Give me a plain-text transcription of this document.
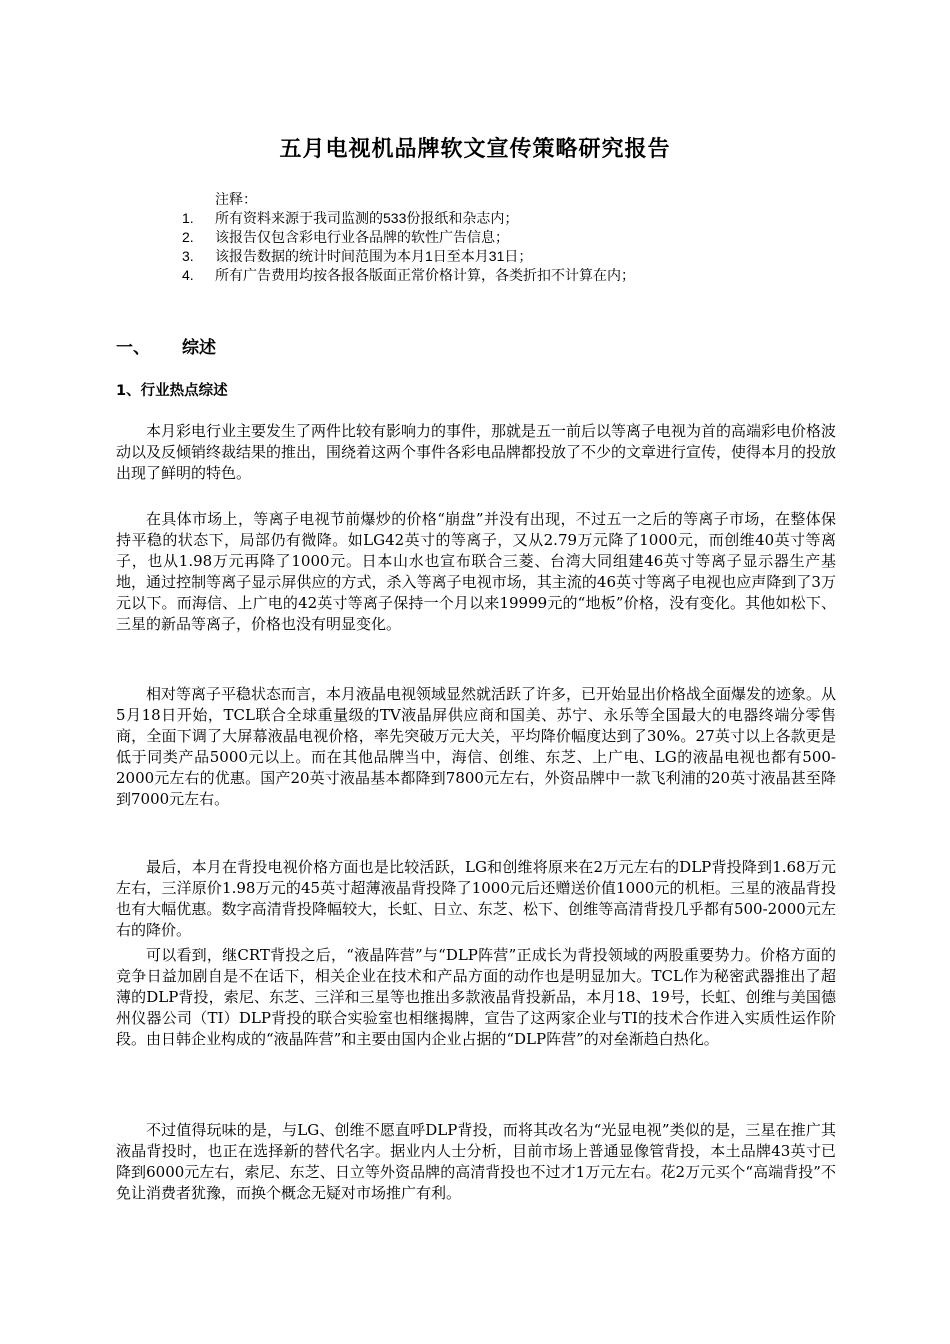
五月电视机品牌软文宣传策略研究报告
注释：
1. 所有资料来源于我司监测的533份报纸和杂志内；
2. 该报告仅包含彩电行业各品牌的软性广告信息；
3. 该报告数据的统计时间范围为本月1日至本月31日；
4. 所有广告费用均按各报各版面正常价格计算，各类折扣不计算在内；
一、 综述
1、行业热点综述

本月彩电行业主要发生了两件比较有影响力的事件，那就是五一前后以等离子电视为首的高端彩电价格波动以及反倾销终裁结果的推出，围绕着这两个事件各彩电品牌都投放了不少的文章进行宣传，使得本月的投放出现了鲜明的特色。

在具体市场上，等离子电视节前爆炒的价格“崩盘”并没有出现，不过五一之后的等离子市场，在整体保持平稳的状态下，局部仍有微降。如LG42英寸的等离子，又从2.79万元降了1000元，而创维40英寸等离子，也从1.98万元再降了1000元。日本山水也宣布联合三菱、台湾大同组建46英寸等离子显示器生产基地，通过控制等离子显示屏供应的方式，杀入等离子电视市场，其主流的46英寸等离子电视也应声降到了3万元以下。而海信、上广电的42英寸等离子保持一个月以来19999元的“地板”价格，没有变化。其他如松下、三星的新品等离子，价格也没有明显变化。

相对等离子平稳状态而言，本月液晶电视领域显然就活跃了许多，已开始显出价格战全面爆发的迹象。从5月18日开始，TCL联合全球重量级的TV液晶屏供应商和国美、苏宁、永乐等全国最大的电器终端分零售商，全面下调了大屏幕液晶电视价格，率先突破万元大关，平均降价幅度达到了30%。27英寸以上各款更是低于同类产品5000元以上。而在其他品牌当中，海信、创维、东芝、上广电、LG的液晶电视也都有500-2000元左右的优惠。国产20英寸液晶基本都降到7800元左右，外资品牌中一款飞利浦的20英寸液晶甚至降到7000元左右。

最后，本月在背投电视价格方面也是比较活跃，LG和创维将原来在2万元左右的DLP背投降到1.68万元左右，三洋原价1.98万元的45英寸超薄液晶背投降了1000元后还赠送价值1000元的机柜。三星的液晶背投也有大幅优惠。数字高清背投降幅较大，长虹、日立、东芝、松下、创维等高清背投几乎都有500-2000元左右的降价。

可以看到，继CRT背投之后，“液晶阵营”与“DLP阵营”正成长为背投领域的两股重要势力。价格方面的竞争日益加剧自是不在话下，相关企业在技术和产品方面的动作也是明显加大。TCL作为秘密武器推出了超薄的DLP背投，索尼、东芝、三洋和三星等也推出多款液晶背投新品，本月18、19号，长虹、创维与美国德州仪器公司（TI）DLP背投的联合实验室也相继揭牌，宣告了这两家企业与TI的技术合作进入实质性运作阶段。由日韩企业构成的“液晶阵营”和主要由国内企业占据的“DLP阵营”的对垒渐趋白热化。

不过值得玩味的是，与LG、创维不愿直呼DLP背投，而将其改名为“光显电视”类似的是，三星在推广其液晶背投时，也正在选择新的替代名字。据业内人士分析，目前市场上普通显像管背投，本土品牌43英寸已降到6000元左右，索尼、东芝、日立等外资品牌的高清背投也不过才1万元左右。花2万元买个“高端背投”不免让消费者犹豫，而换个概念无疑对市场推广有利。
